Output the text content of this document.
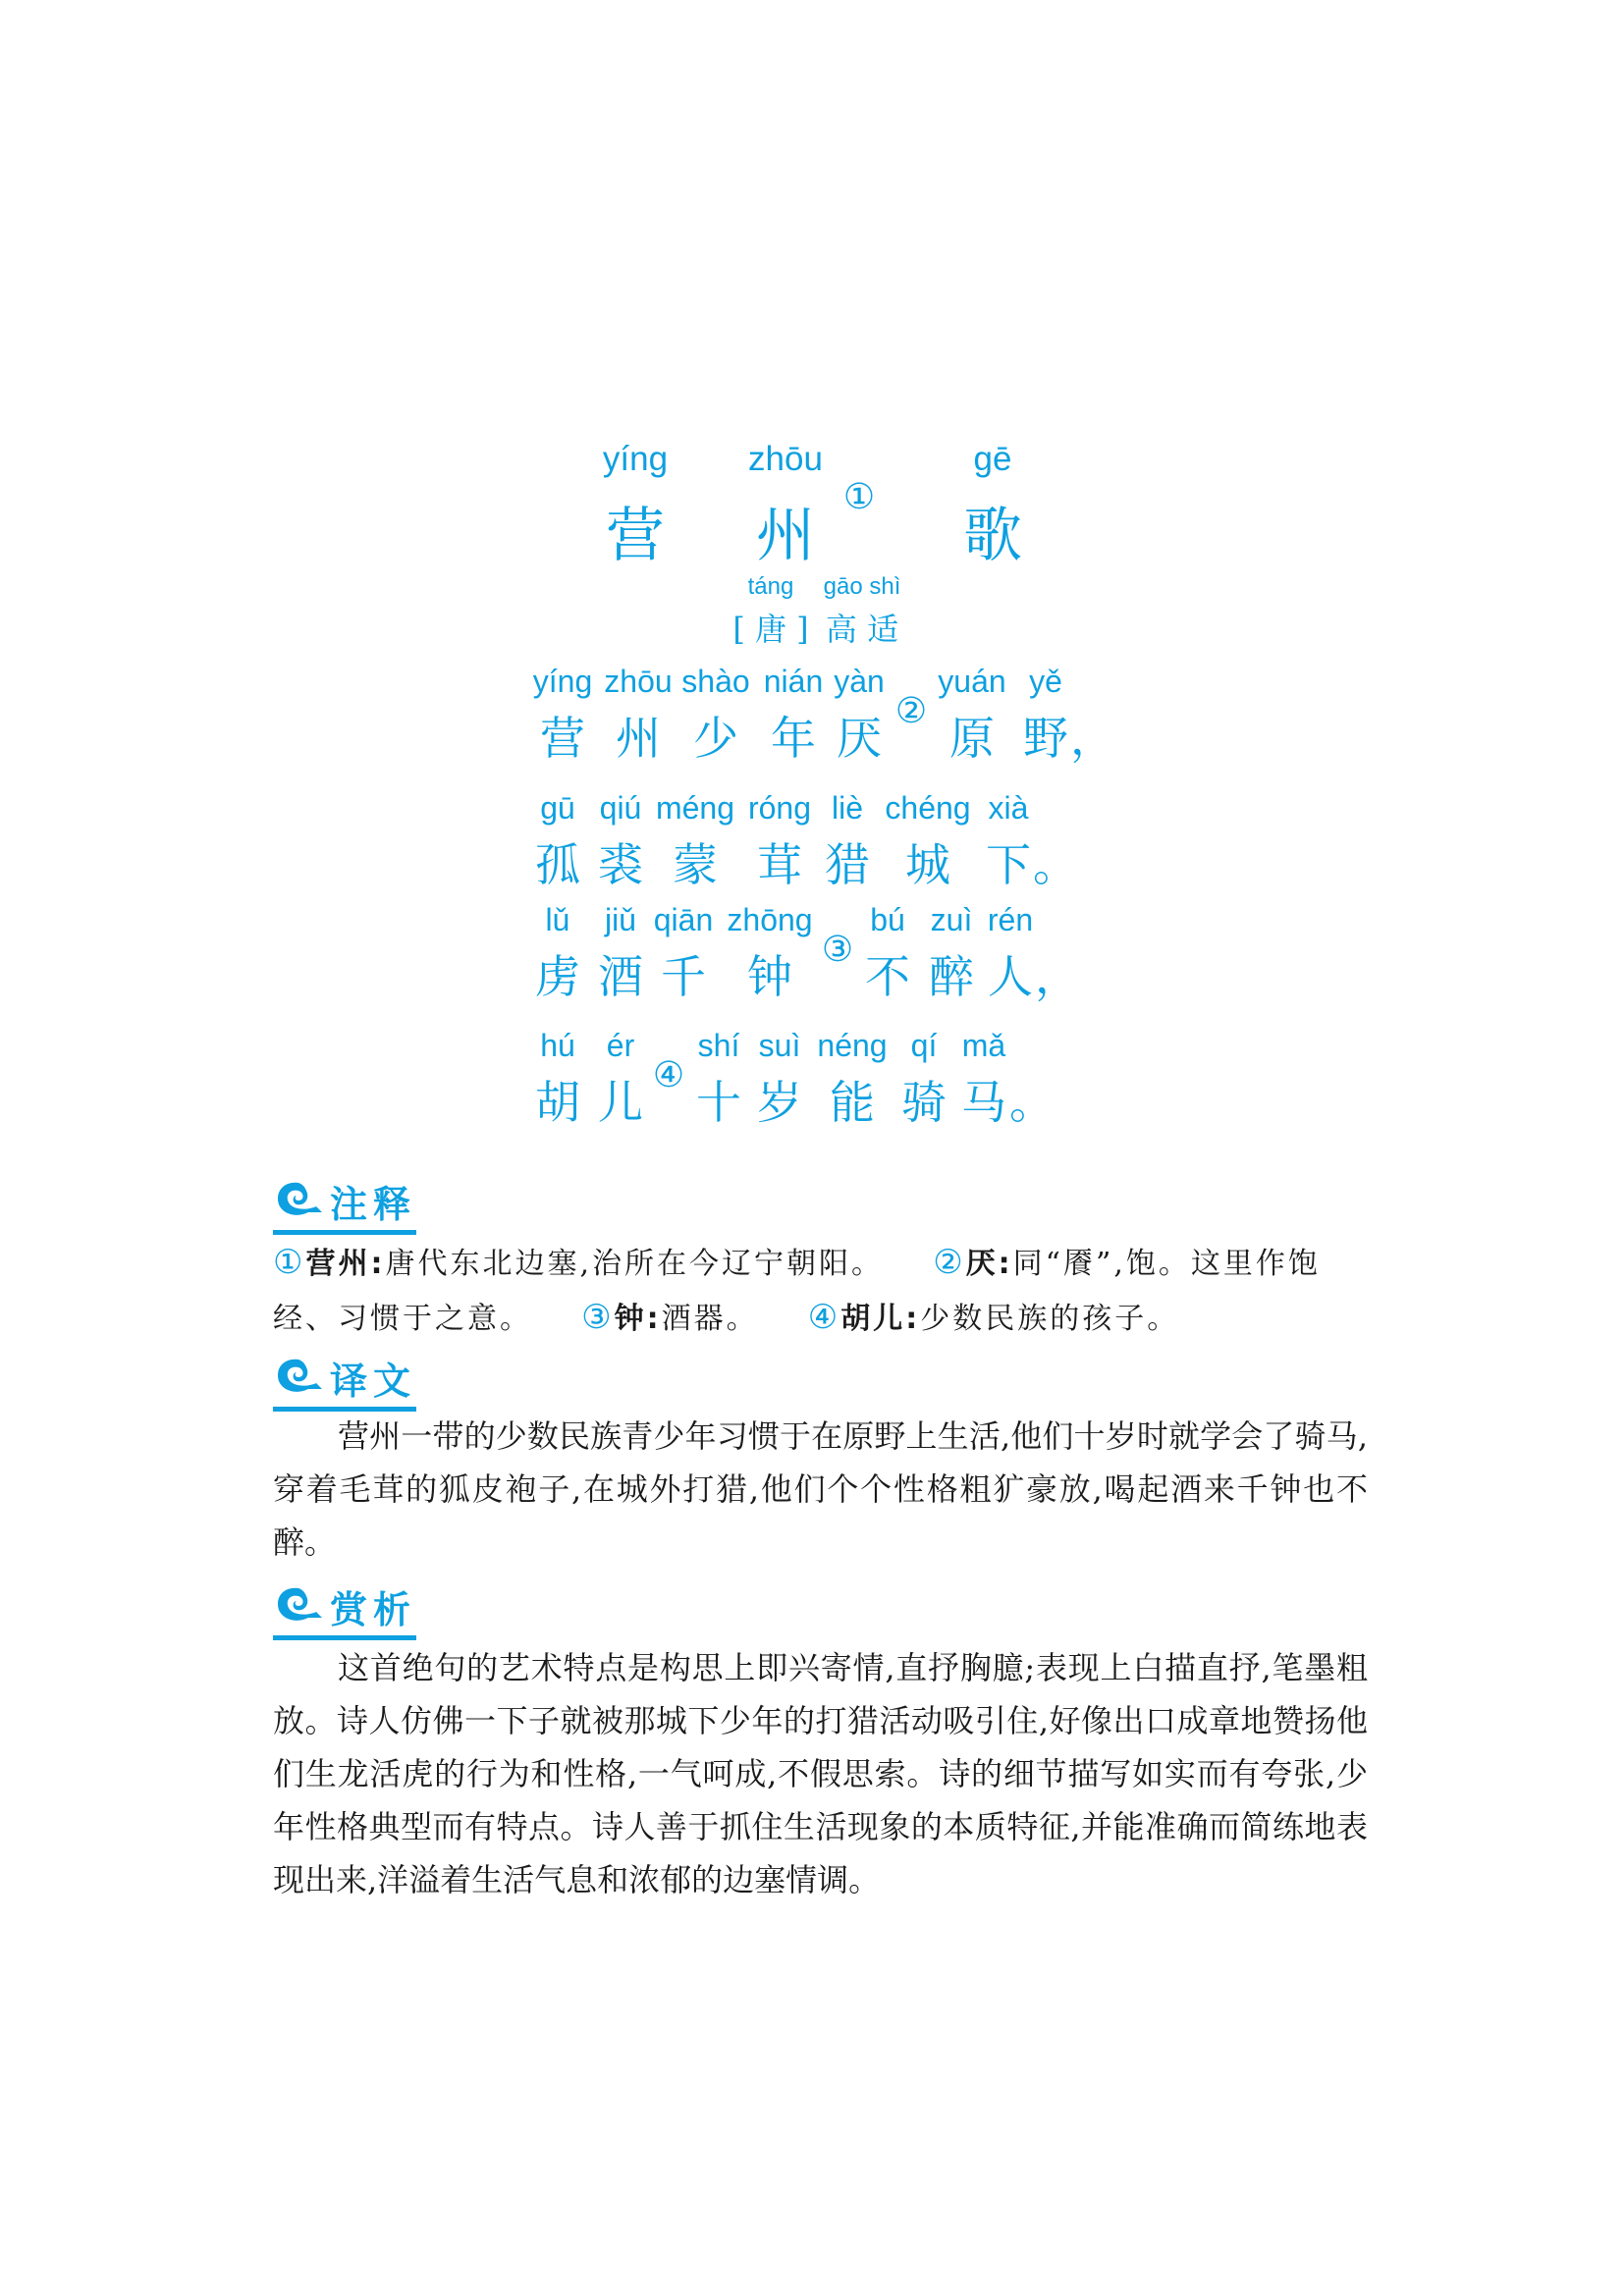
yíng
营
zhōu
州
①
gē
歌
yíng
营
zhōu
州
shào
少
nián
年
yàn
厌
②
yuán
原
yě
野 ，
gū
孤
qiú
裘
méng
蒙
róng
茸
liè
猎
chéng
城
xià
下 。
lǔ
虏
jiǔ
酒
qiān
千
zhōng
钟
③
bú
不
zuì
醉
rén
人 ，
hú
胡
ér
儿
④
shí
十
suì
岁
néng
能
qí
骑
mǎ
马 。
táng gāo shì
[ 唐 ] 高 适
注释
①营州:唐代东北边塞,治所在今辽宁朝阳。 ②厌:同“餍”,饱。这里作饱经、习惯于之意。 ③钟:酒器。 ④胡儿:少数民族的孩子。
译文
营州一带的少数民族青少年习惯于在原野上生活,他们十岁时就学会了骑马,穿着毛茸的狐皮袍子,在城外打猎,他们个个性格粗犷豪放,喝起酒来千钟也不醉。
赏析
这首绝句的艺术特点是构思上即兴寄情,直抒胸臆;表现上白描直抒,笔墨粗放。诗人仿佛一下子就被那城下少年的打猎活动吸引住,好像出口成章地赞扬他们生龙活虎的行为和性格,一气呵成,不假思索。诗的细节描写如实而有夸张,少年性格典型而有特点。诗人善于抓住生活现象的本质特征,并能准确而简练地表现出来,洋溢着生活气息和浓郁的边塞情调。
